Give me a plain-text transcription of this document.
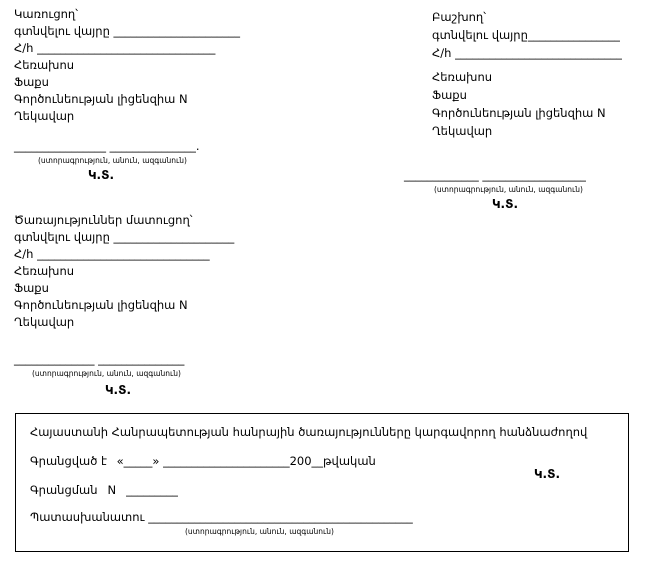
Կառուցող՝
գտնվելու վայրը ______________________
Հ/հ _______________________________
Հեռախոս
Ֆաքս
Գործունեության լիցենզիա N
Ղեկավար
________________ _______________.
(ստորագրություն, անուն, ազգանուն)
Կ.Տ.
Բաշխող՝
գտնվելու վայրը________________
Հ/հ _____________________________
Հեռախոս
Ֆաքս
Գործունեության լիցենզիա N
Ղեկավար
_____________ __________________
(ստորագրություն, անուն, ազգանուն)
Կ.Տ.
Ծառայություններ մատուցող՝
գտնվելու վայրը _____________________
Հ/հ ______________________________
Հեռախոս
Ֆաքս
Գործունեության լիցենզիա N
Ղեկավար
______________ _______________
(ստորագրություն, անուն, ազգանուն)
Կ.Տ.
Հայաստանի Հանրապետության հանրային ծառայությունները կարգավորող հանձնաժողով
Գրանցված է «_____» ______________________200__թվական
Գրանցման N _________
Պատասխանատու ______________________________________________
(ստորագրություն, անուն, ազգանուն)
Կ.Տ.
